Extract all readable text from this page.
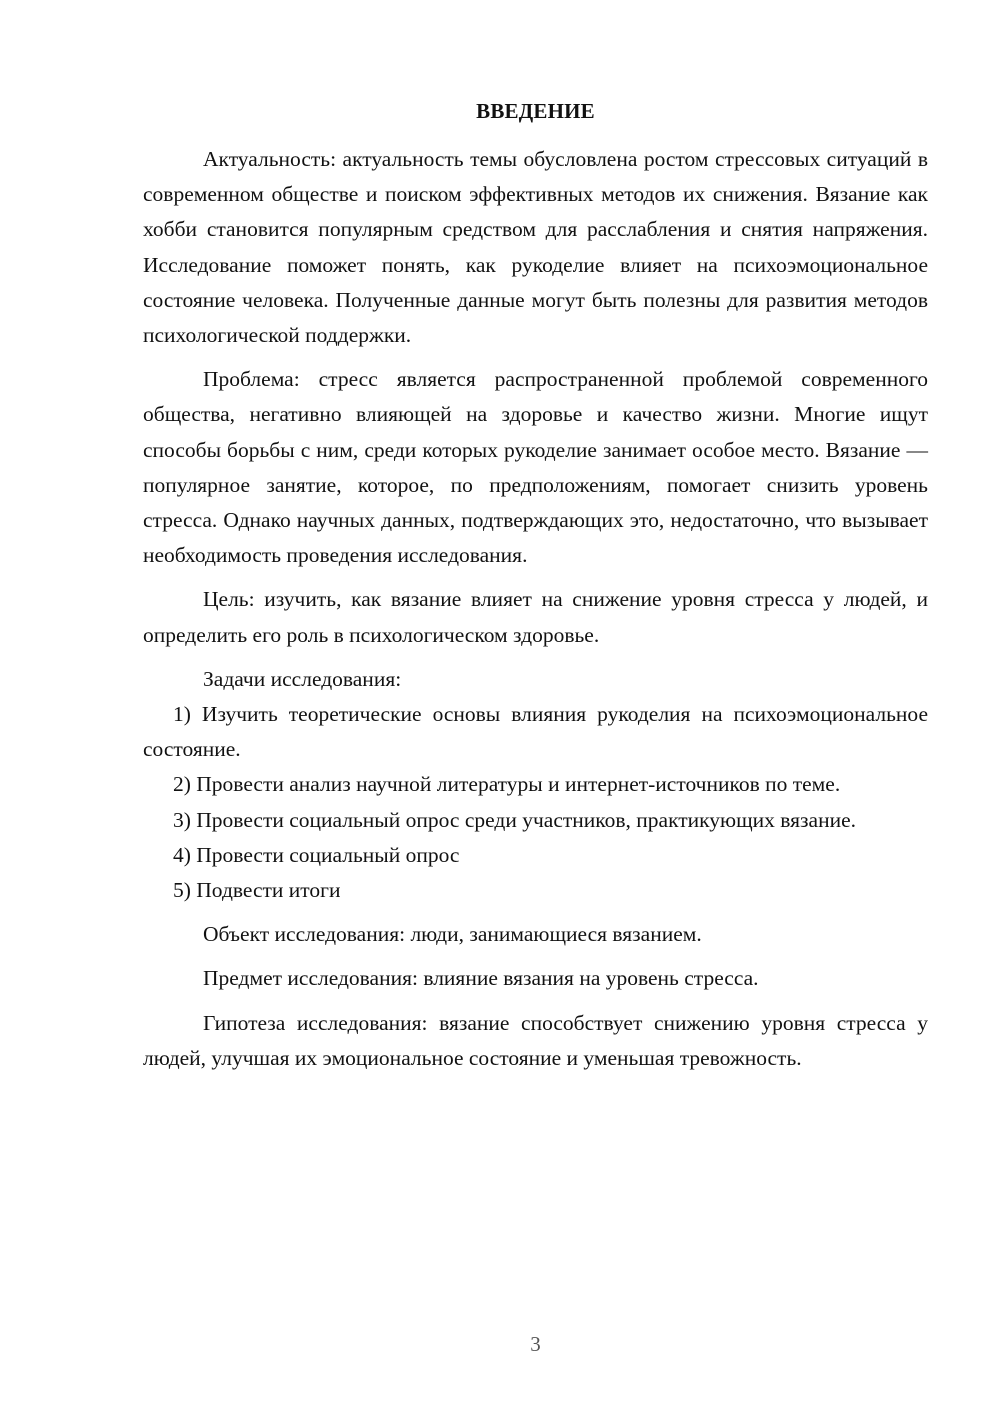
ВВЕДЕНИЕ

Актуальность: актуальность темы обусловлена ростом стрессовых ситуаций в современном обществе и поиском эффективных методов их снижения. Вязание как хобби становится популярным средством для расслабления и снятия напряжения. Исследование поможет понять, как рукоделие влияет на психоэмоциональное состояние человека. Полученные данные могут быть полезны для развития методов психологической поддержки.

Проблема: стресс является распространенной проблемой современного общества, негативно влияющей на здоровье и качество жизни. Многие ищут способы борьбы с ним, среди которых рукоделие занимает особое место. Вязание — популярное занятие, которое, по предположениям, помогает снизить уровень стресса. Однако научных данных, подтверждающих это, недостаточно, что вызывает необходимость проведения исследования.

Цель: изучить, как вязание влияет на снижение уровня стресса у людей, и определить его роль в психологическом здоровье.

Задачи исследования:

1) Изучить теоретические основы влияния рукоделия на психоэмоциональное состояние.

2) Провести анализ научной литературы и интернет-источников по теме.

3) Провести социальный опрос среди участников, практикующих вязание.

4) Провести социальный опрос

5) Подвести итоги

Объект исследования: люди, занимающиеся вязанием.

Предмет исследования: влияние вязания на уровень стресса.

Гипотеза исследования: вязание способствует снижению уровня стресса у людей, улучшая их эмоциональное состояние и уменьшая тревожность.

3
